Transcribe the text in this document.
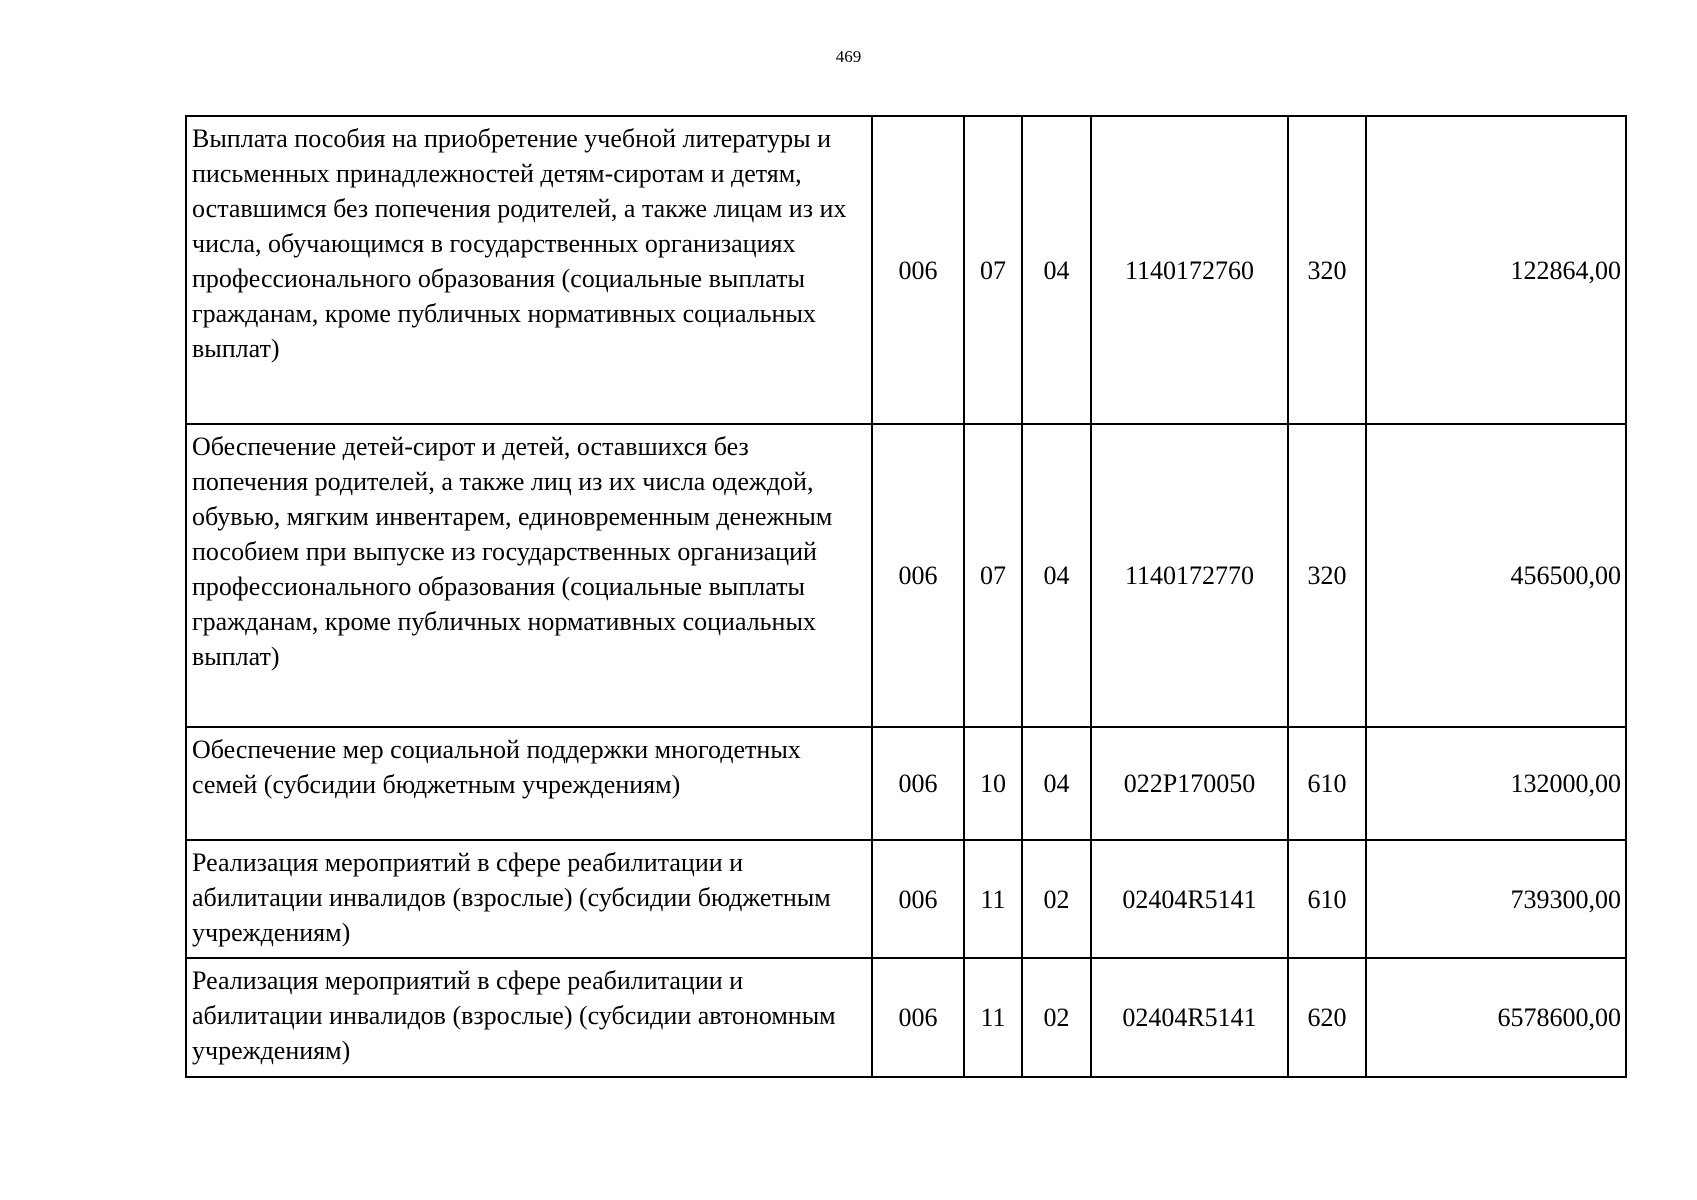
469
Выплата пособия на приобретение учебной литературы и письменных принадлежностей детям-сиротам и детям, оставшимся без попечения родителей, а также лицам из их числа, обучающимся в государственных организациях профессионального образования (социальные выплаты гражданам, кроме публичных нормативных социальных выплат)	006	07	04	1140172760	320	122864,00
Обеспечение детей-сирот и детей, оставшихся без попечения родителей, а также лиц из их числа одеждой, обувью, мягким инвентарем, единовременным денежным пособием при выпуске из государственных организаций профессионального образования (социальные выплаты гражданам, кроме публичных нормативных социальных выплат)	006	07	04	1140172770	320	456500,00
Обеспечение мер социальной поддержки многодетных семей (субсидии бюджетным учреждениям)	006	10	04	022P170050	610	132000,00
Реализация мероприятий в сфере реабилитации и абилитации инвалидов (взрослые) (субсидии бюджетным учреждениям)	006	11	02	02404R5141	610	739300,00
Реализация мероприятий в сфере реабилитации и абилитации инвалидов (взрослые) (субсидии автономным учреждениям)	006	11	02	02404R5141	620	6578600,00
